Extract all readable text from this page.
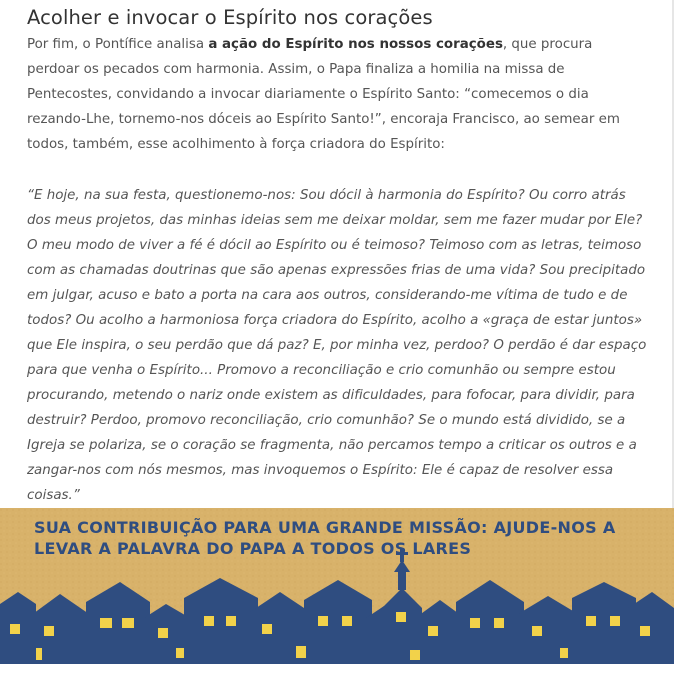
Acolher e invocar o Espírito nos corações

Por fim, o Pontífice analisa a ação do Espírito nos nossos corações, que procura perdoar os pecados com harmonia. Assim, o Papa finaliza a homilia na missa de Pentecostes, convidando a invocar diariamente o Espírito Santo: “comecemos o dia rezando-Lhe, tornemo-nos dóceis ao Espírito Santo!”, encoraja Francisco, ao semear em todos, também, esse acolhimento à força criadora do Espírito:

“E hoje, na sua festa, questionemo-nos: Sou dócil à harmonia do Espírito? Ou corro atrás dos meus projetos, das minhas ideias sem me deixar moldar, sem me fazer mudar por Ele? O meu modo de viver a fé é dócil ao Espírito ou é teimoso? Teimoso com as letras, teimoso com as chamadas doutrinas que são apenas expressões frias de uma vida? Sou precipitado em julgar, acuso e bato a porta na cara aos outros, considerando-me vítima de tudo e de todos? Ou acolho a harmoniosa força criadora do Espírito, acolho a «graça de estar juntos» que Ele inspira, o seu perdão que dá paz? E, por minha vez, perdoo? O perdão é dar espaço para que venha o Espírito... Promovo a reconciliação e crio comunhão ou sempre estou procurando, metendo o nariz onde existem as dificuldades, para fofocar, para dividir, para destruir? Perdoo, promovo reconciliação, crio comunhão? Se o mundo está dividido, se a Igreja se polariza, se o coração se fragmenta, não percamos tempo a criticar os outros e a zangar-nos com nós mesmos, mas invoquemos o Espírito: Ele é capaz de resolver essa coisas.”

SUA CONTRIBUIÇÃO PARA UMA GRANDE MISSÃO: AJUDE-NOS A LEVAR A PALAVRA DO PAPA A TODOS OS LARES
